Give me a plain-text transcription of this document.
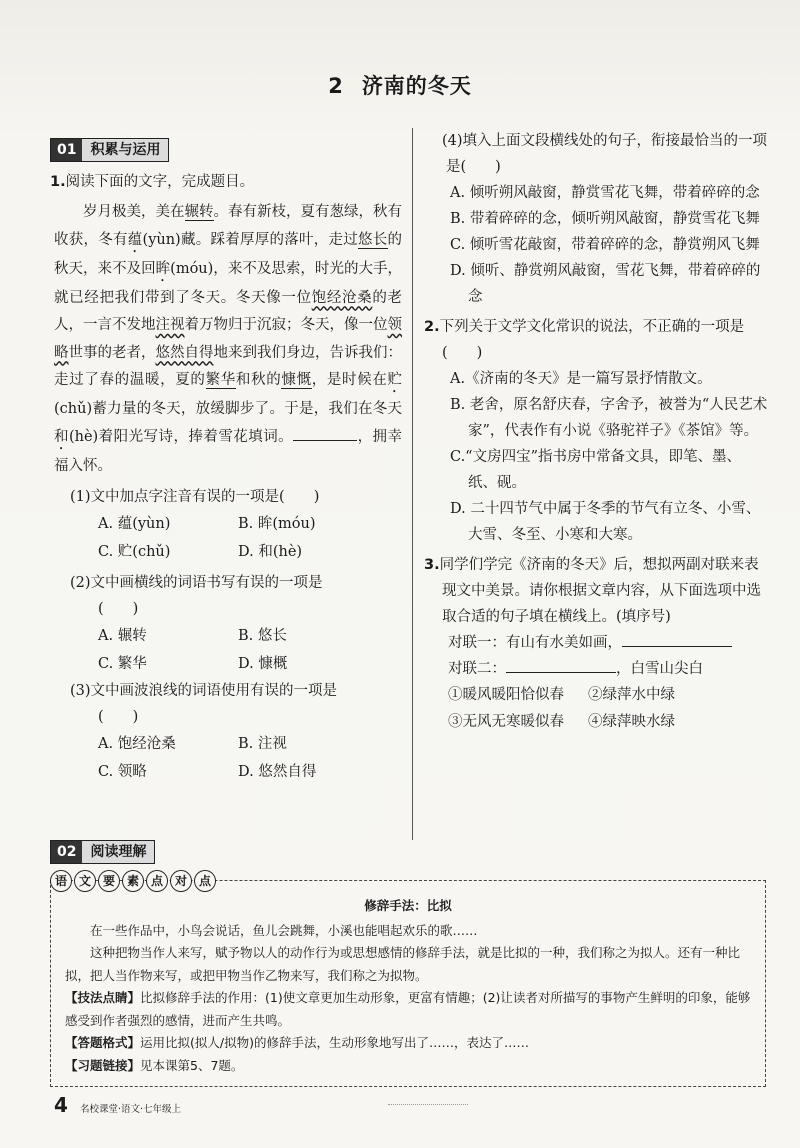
2 济南的冬天
01	积累与运用

1.阅读下面的文字，完成题目。

岁月极美，美在辗转。春有新枝，夏有葱绿，秋有收获，冬有蕴(yùn)藏。踩着厚厚的落叶，走过悠长的秋天，来不及回眸(móu)，来不及思索，时光的大手，就已经把我们带到了冬天。冬天像一位饱经沧桑的老人，一言不发地注视着万物归于沉寂；冬天，像一位领略世事的老者，悠然自得地来到我们身边，告诉我们：走过了春的温暖，夏的繁华和秋的慷慨，是时候在贮(chǔ)蓄力量的冬天，放缓脚步了。于是，我们在冬天和(hè)着阳光写诗，捧着雪花填词。	，拥幸福入怀。

(1)文中加点字注音有误的一项是(　　)

A. 蕴(yùn)	B. 眸(móu)
C. 贮(chǔ)	D. 和(hè)

(2)文中画横线的词语书写有误的一项是

(　　)

A. 辗转	B. 悠长
C. 繁华	D. 慷概

(3)文中画波浪线的词语使用有误的一项是

(　　)

A. 饱经沧桑	B. 注视
C. 领略	D. 悠然自得

(4)填入上面文段横线处的句子，衔接最恰当的一项是(　　)

A. 倾听朔风敲窗，静赏雪花飞舞，带着碎碎的念
B. 带着碎碎的念，倾听朔风敲窗，静赏雪花飞舞
C. 倾听雪花敲窗，带着碎碎的念，静赏朔风飞舞
D. 倾听、静赏朔风敲窗，雪花飞舞，带着碎碎的念

2.下列关于文学文化常识的说法，不正确的一项是(　　)

A.《济南的冬天》是一篇写景抒情散文。
B. 老舍，原名舒庆春，字舍予，被誉为“人民艺术家”，代表作有小说《骆驼祥子》《茶馆》等。
C.“文房四宝”指书房中常备文具，即笔、墨、纸、砚。
D. 二十四节气中属于冬季的节气有立冬、小雪、大雪、冬至、小寒和大寒。

3.同学们学完《济南的冬天》后，想拟两副对联来表现文中美景。请你根据文章内容，从下面选项中选取合适的句子填在横线上。(填序号)

对联一：有山有水美如画，

对联二：	，白雪山尖白

①暖风暖阳恰似春	②绿萍水中绿
③无风无寒暖似春	④绿萍映水绿
02	阅读理解
修辞手法：比拟
在一些作品中，小鸟会说话，鱼儿会跳舞，小溪也能唱起欢乐的歌……
这种把物当作人来写，赋予物以人的动作行为或思想感情的修辞手法，就是比拟的一种，我们称之为拟人。还有一种比拟，把人当作物来写，或把甲物当作乙物来写，我们称之为拟物。
【技法点睛】比拟修辞手法的作用：(1)使文章更加生动形象，更富有情趣；(2)让读者对所描写的事物产生鲜明的印象，能够感受到作者强烈的感情，进而产生共鸣。
【答题格式】运用比拟(拟人/拟物)的修辞手法，生动形象地写出了……，表达了……
【习题链接】见本课第5、7题。
语 文 要 素 点 对 点
4 名校课堂·语文·七年级上
